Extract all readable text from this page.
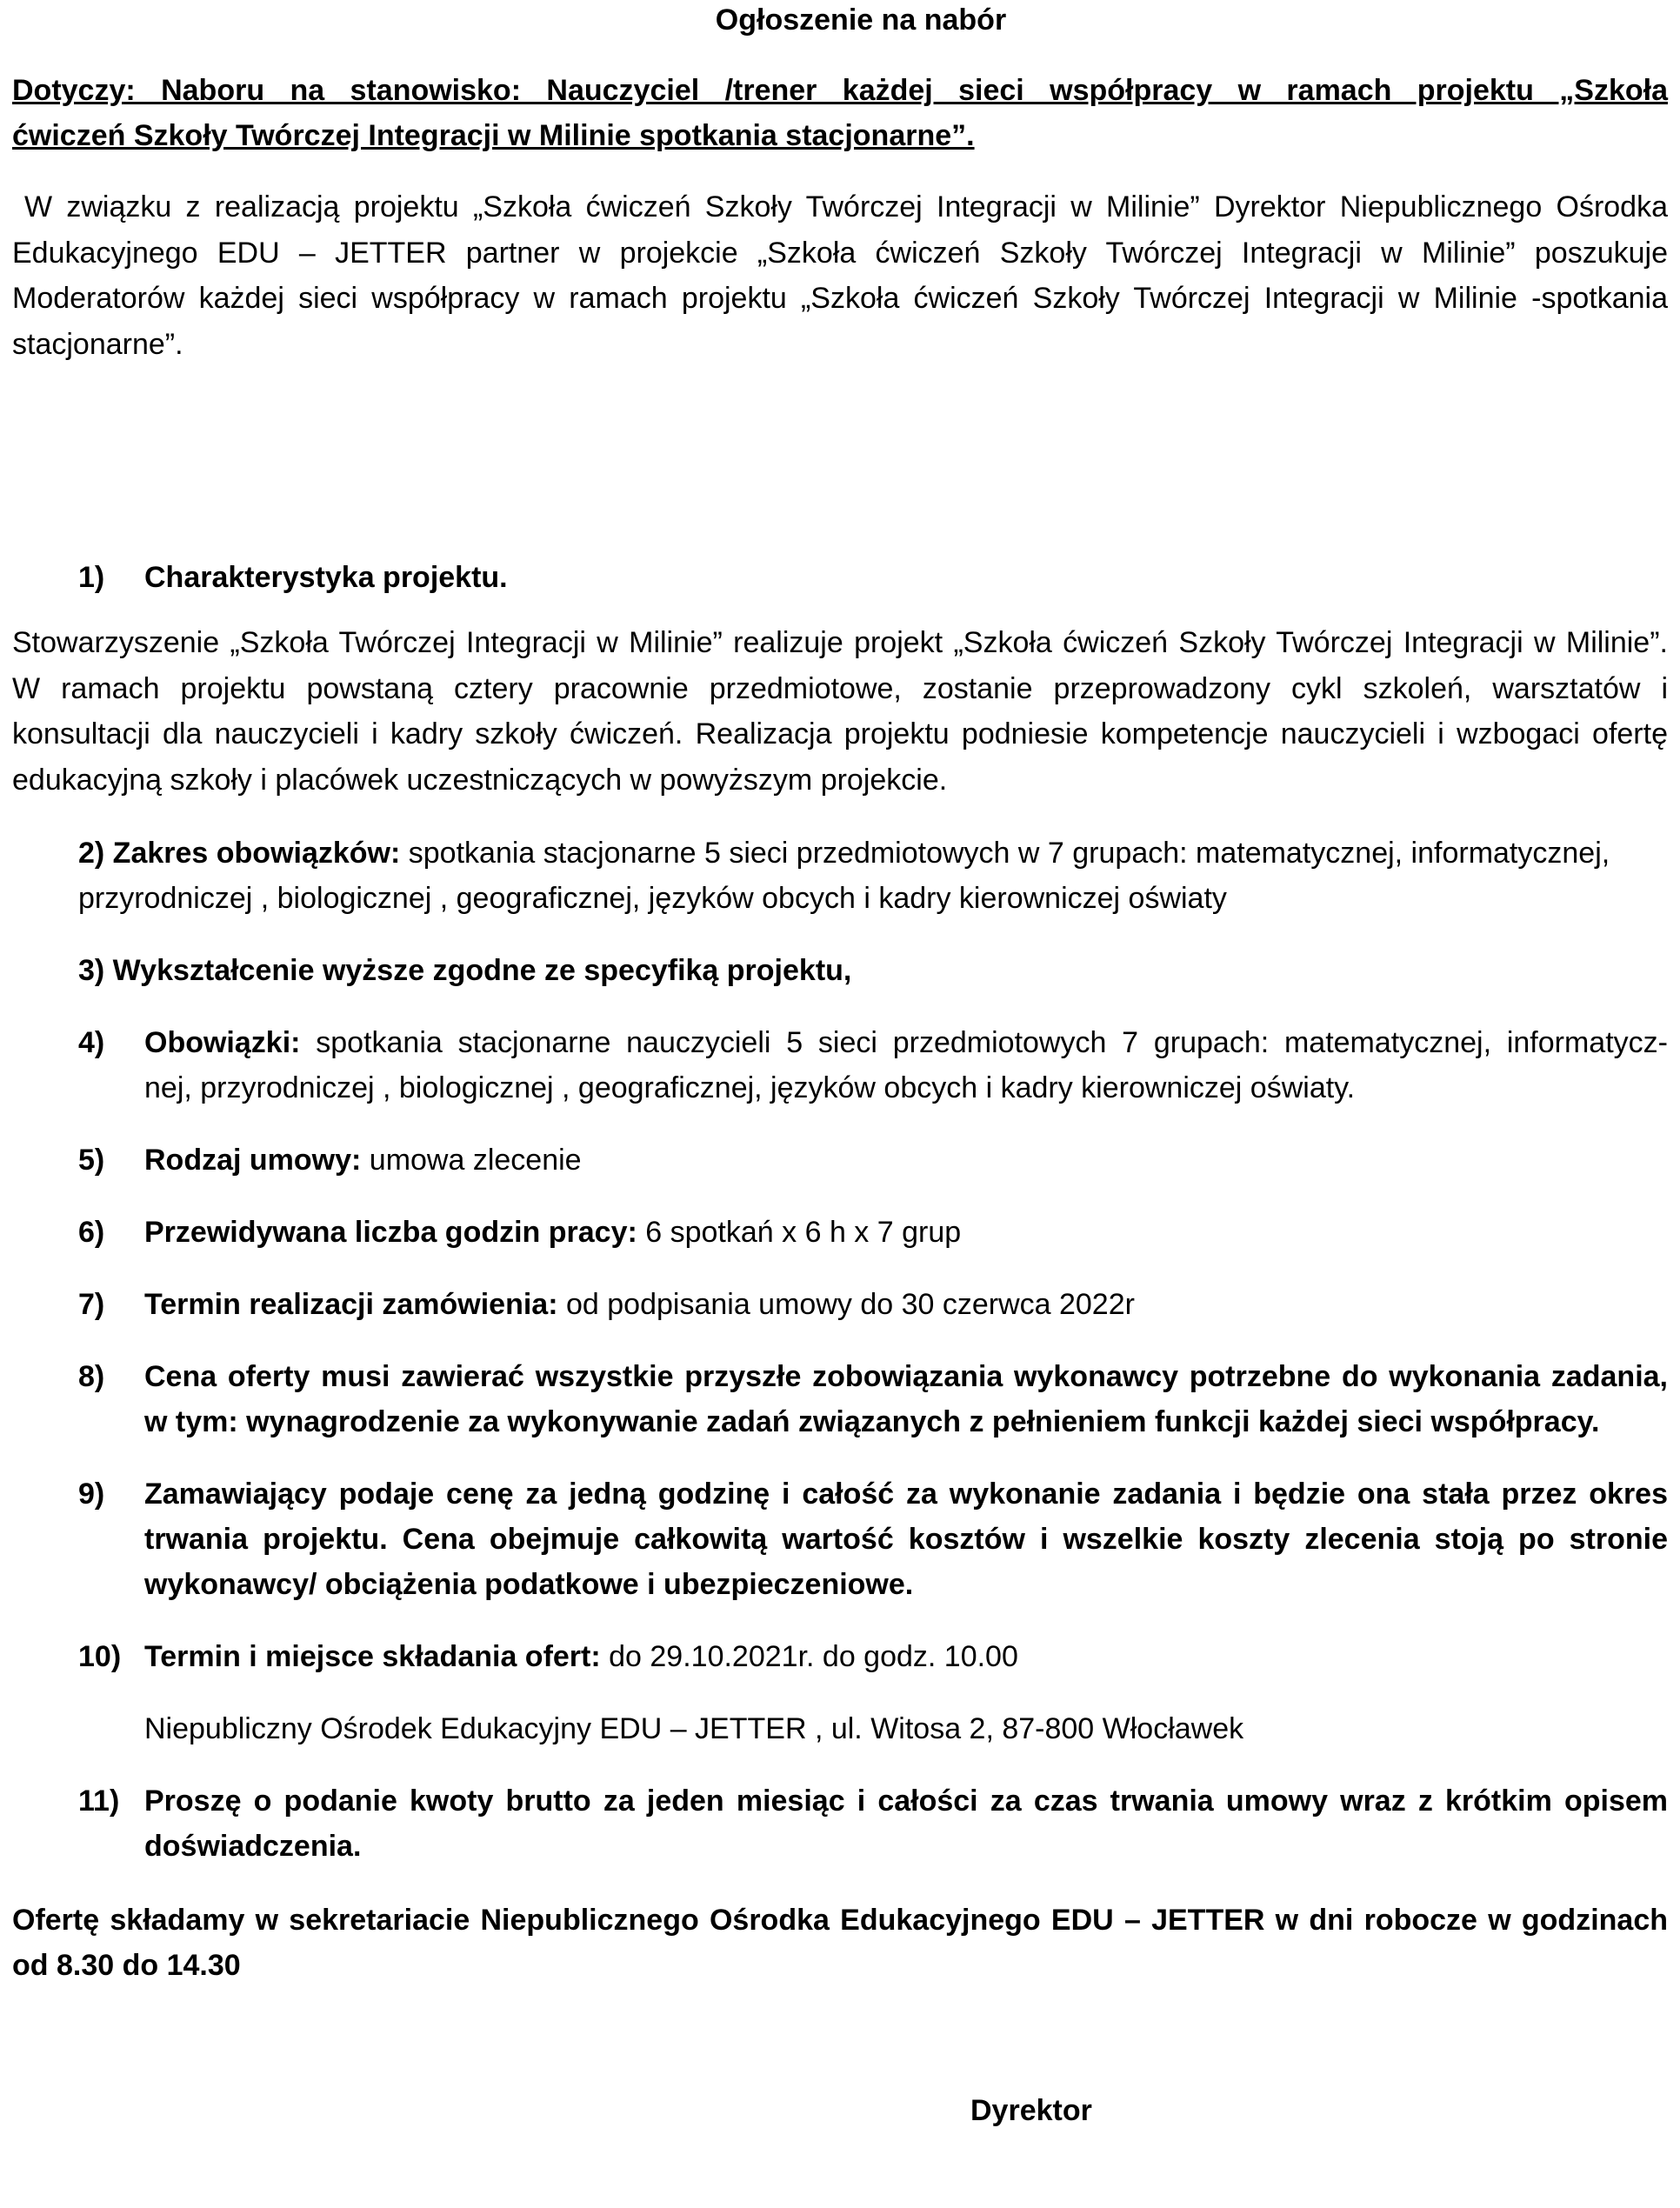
Ogłoszenie na nabór
Dotyczy: Naboru na stanowisko: Nauczyciel /trener każdej sieci współpracy w ramach projektu „Szkoła
ćwiczeń Szkoły Twórczej Integracji w Milinie spotkania stacjonarne”.
W związku z realizacją projektu „Szkoła ćwiczeń Szkoły Twórczej Integracji w Milinie” Dyrektor Niepublicznego Ośrodka
Edukacyjnego EDU – JETTER partner w projekcie „Szkoła ćwiczeń Szkoły Twórczej Integracji w Milinie” poszukuje
Moderatorów każdej sieci współpracy w ramach projektu „Szkoła ćwiczeń Szkoły Twórczej Integracji w Milinie -spotkania
stacjonarne”.
1) Charakterystyka projektu.
Stowarzyszenie „Szkoła Twórczej Integracji w Milinie” realizuje projekt „Szkoła ćwiczeń Szkoły Twórczej Integracji w Milinie”.
W ramach projektu powstaną cztery pracownie przedmiotowe, zostanie przeprowadzony cykl szkoleń, warsztatów i
konsultacji dla nauczycieli i kadry szkoły ćwiczeń. Realizacja projektu podniesie kompetencje nauczycieli i wzbogaci ofertę
edukacyjną szkoły i placówek uczestniczących w powyższym projekcie.
2) Zakres obowiązków: spotkania stacjonarne 5 sieci przedmiotowych w 7 grupach: matematycznej, informatycznej,
przyrodniczej , biologicznej , geograficznej, języków obcych i kadry kierowniczej oświaty
3) Wykształcenie wyższe zgodne ze specyfiką projektu,
4) Obowiązki: spotkania stacjonarne nauczycieli 5 sieci przedmiotowych 7 grupach: matematycznej, informatycz-
nej, przyrodniczej , biologicznej , geograficznej, języków obcych i kadry kierowniczej oświaty.
5) Rodzaj umowy: umowa zlecenie
6) Przewidywana liczba godzin pracy: 6 spotkań x 6 h x 7 grup
7) Termin realizacji zamówienia: od podpisania umowy do 30 czerwca 2022r
8) Cena oferty musi zawierać wszystkie przyszłe zobowiązania wykonawcy potrzebne do wykonania zadania,
w tym: wynagrodzenie za wykonywanie zadań związanych z pełnieniem funkcji każdej sieci współpracy.
9) Zamawiający podaje cenę za jedną godzinę i całość za wykonanie zadania i będzie ona stała przez okres
trwania projektu. Cena obejmuje całkowitą wartość kosztów i wszelkie koszty zlecenia stoją po stronie
wykonawcy/ obciążenia podatkowe i ubezpieczeniowe.
10) Termin i miejsce składania ofert: do 29.10.2021r. do godz. 10.00
Niepubliczny Ośrodek Edukacyjny EDU – JETTER , ul. Witosa 2, 87-800 Włocławek
11) Proszę o podanie kwoty brutto za jeden miesiąc i całości za czas trwania umowy wraz z krótkim opisem
doświadczenia.
Ofertę składamy w sekretariacie Niepublicznego Ośrodka Edukacyjnego EDU – JETTER w dni robocze w godzinach
od 8.30 do 14.30
Dyrektor
